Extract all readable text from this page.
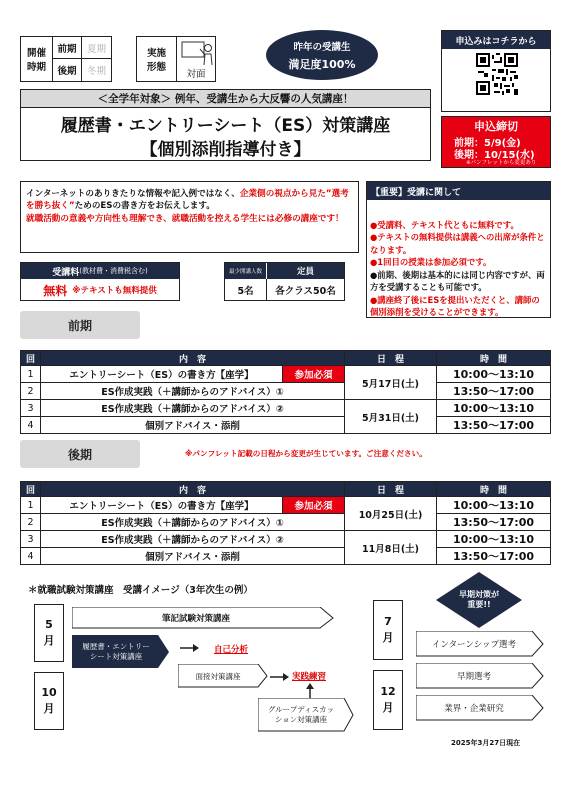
開催
時期
前期	夏期
後期	冬期
実施
形態
対面
昨年の受講生
満足度100%
申込みはコチラから
＜全学年対象＞ 例年、受講生から大反響の人気講座！
履歴書・エントリーシート（ES）対策講座
【個別添削指導付き】
申込締切
前期：5/9(金)
後期：10/15(水)
※パンフレットから変更あり
インターネットのありきたりな情報や記入例ではなく、企業側の視点から見た”選考を勝ち抜く”ためのESの書き方をお伝えします。
就職活動の意義や方向性も理解でき、就職活動を控える学生には必修の講座です！
【重要】受講に関して
●受講料、テキスト代ともに無料です。
●テキストの無料提供は講義への出席が条件となります。
●1回目の授業は参加必須です。
●前期、後期は基本的には同じ内容ですが、両方を受講することも可能です。
●講座終了後にESを提出いただくと、講師の個別添削を受けることができます。
受講料 (教材費・消費税含む)
無料 ※テキストも無料提供
最少開講人数	定員
5名	各クラス50名
前期
回	内　容		日　程	時　間
1	エントリーシート（ES）の書き方【座学】	参加必須	5月17日(土)	10:00～13:10
2	ES作成実践（＋講師からのアドバイス）①			13:50～17:00
3	ES作成実践（＋講師からのアドバイス）②		5月31日(土)	10:00～13:10
4	個別アドバイス・添削			13:50～17:00
後期	※パンフレット記載の日程から変更が生じています。ご注意ください。
回	内　容		日　程	時　間
1	エントリーシート（ES）の書き方【座学】	参加必須	10月25日(土)	10:00～13:10
2	ES作成実践（＋講師からのアドバイス）①			13:50～17:00
3	ES作成実践（＋講師からのアドバイス）②		11月8日(土)	10:00～13:10
4	個別アドバイス・添削			13:50～17:00
＊就職試験対策講座　受講イメージ（3年次生の例）	早期対策が
重要!!
5
月
10
月
7
月
12
月
筆記試験対策講座
履歴書・エントリー
シート対策講座
自己分析
面接対策講座	実践練習
グループディスカッ
ション対策講座
インターンシップ選考
早期選考
業界・企業研究
2025年3月27日現在
